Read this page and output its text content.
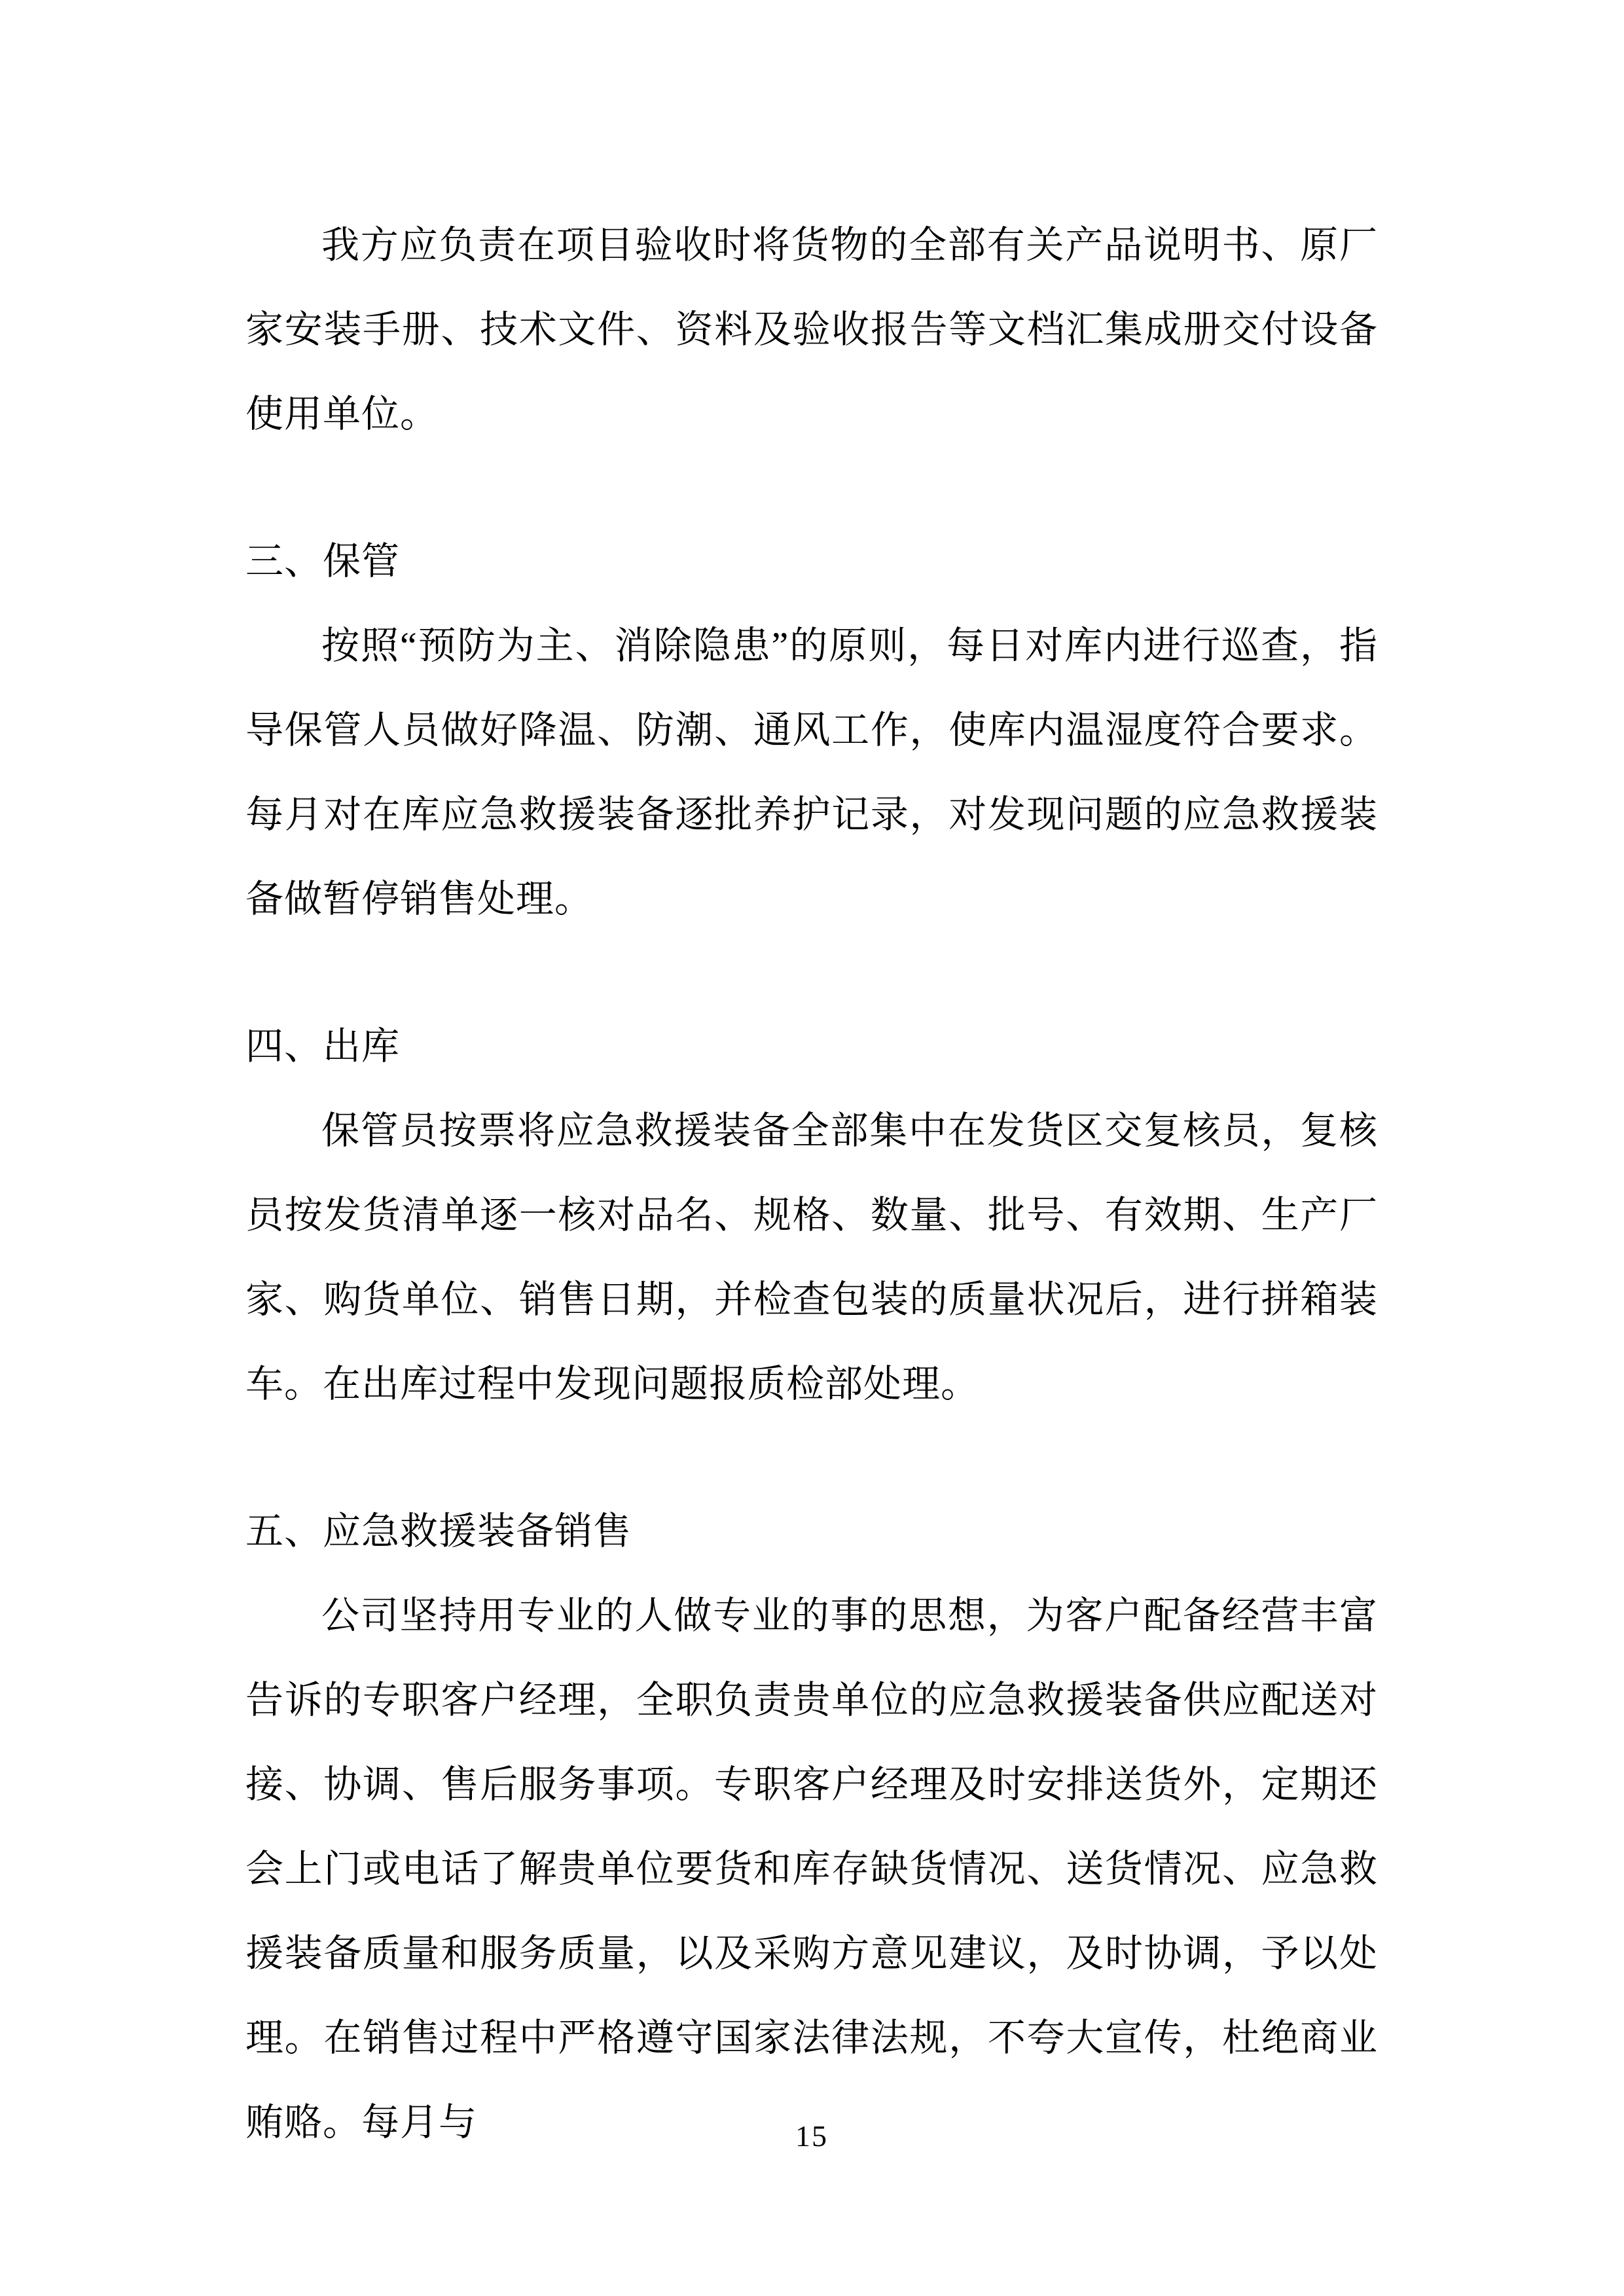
我方应负责在项目验收时将货物的全部有关产品说明书、原厂家安装手册、技术文件、资料及验收报告等文档汇集成册交付设备使用单位。

三、保管

按照“预防为主、消除隐患”的原则，每日对库内进行巡查，指导保管人员做好降温、防潮、通风工作，使库内温湿度符合要求。每月对在库应急救援装备逐批养护记录，对发现问题的应急救援装备做暂停销售处理。

四、出库

保管员按票将应急救援装备全部集中在发货区交复核员，复核员按发货清单逐一核对品名、规格、数量、批号、有效期、生产厂家、购货单位、销售日期，并检查包装的质量状况后，进行拼箱装车。在出库过程中发现问题报质检部处理。

五、应急救援装备销售

公司坚持用专业的人做专业的事的思想，为客户配备经营丰富告诉的专职客户经理，全职负责贵单位的应急救援装备供应配送对接、协调、售后服务事项。专职客户经理及时安排送货外，定期还会上门或电话了解贵单位要货和库存缺货情况、送货情况、应急救援装备质量和服务质量，以及采购方意见建议，及时协调，予以处理。在销售过程中严格遵守国家法律法规，不夸大宣传，杜绝商业贿赂。每月与	15
